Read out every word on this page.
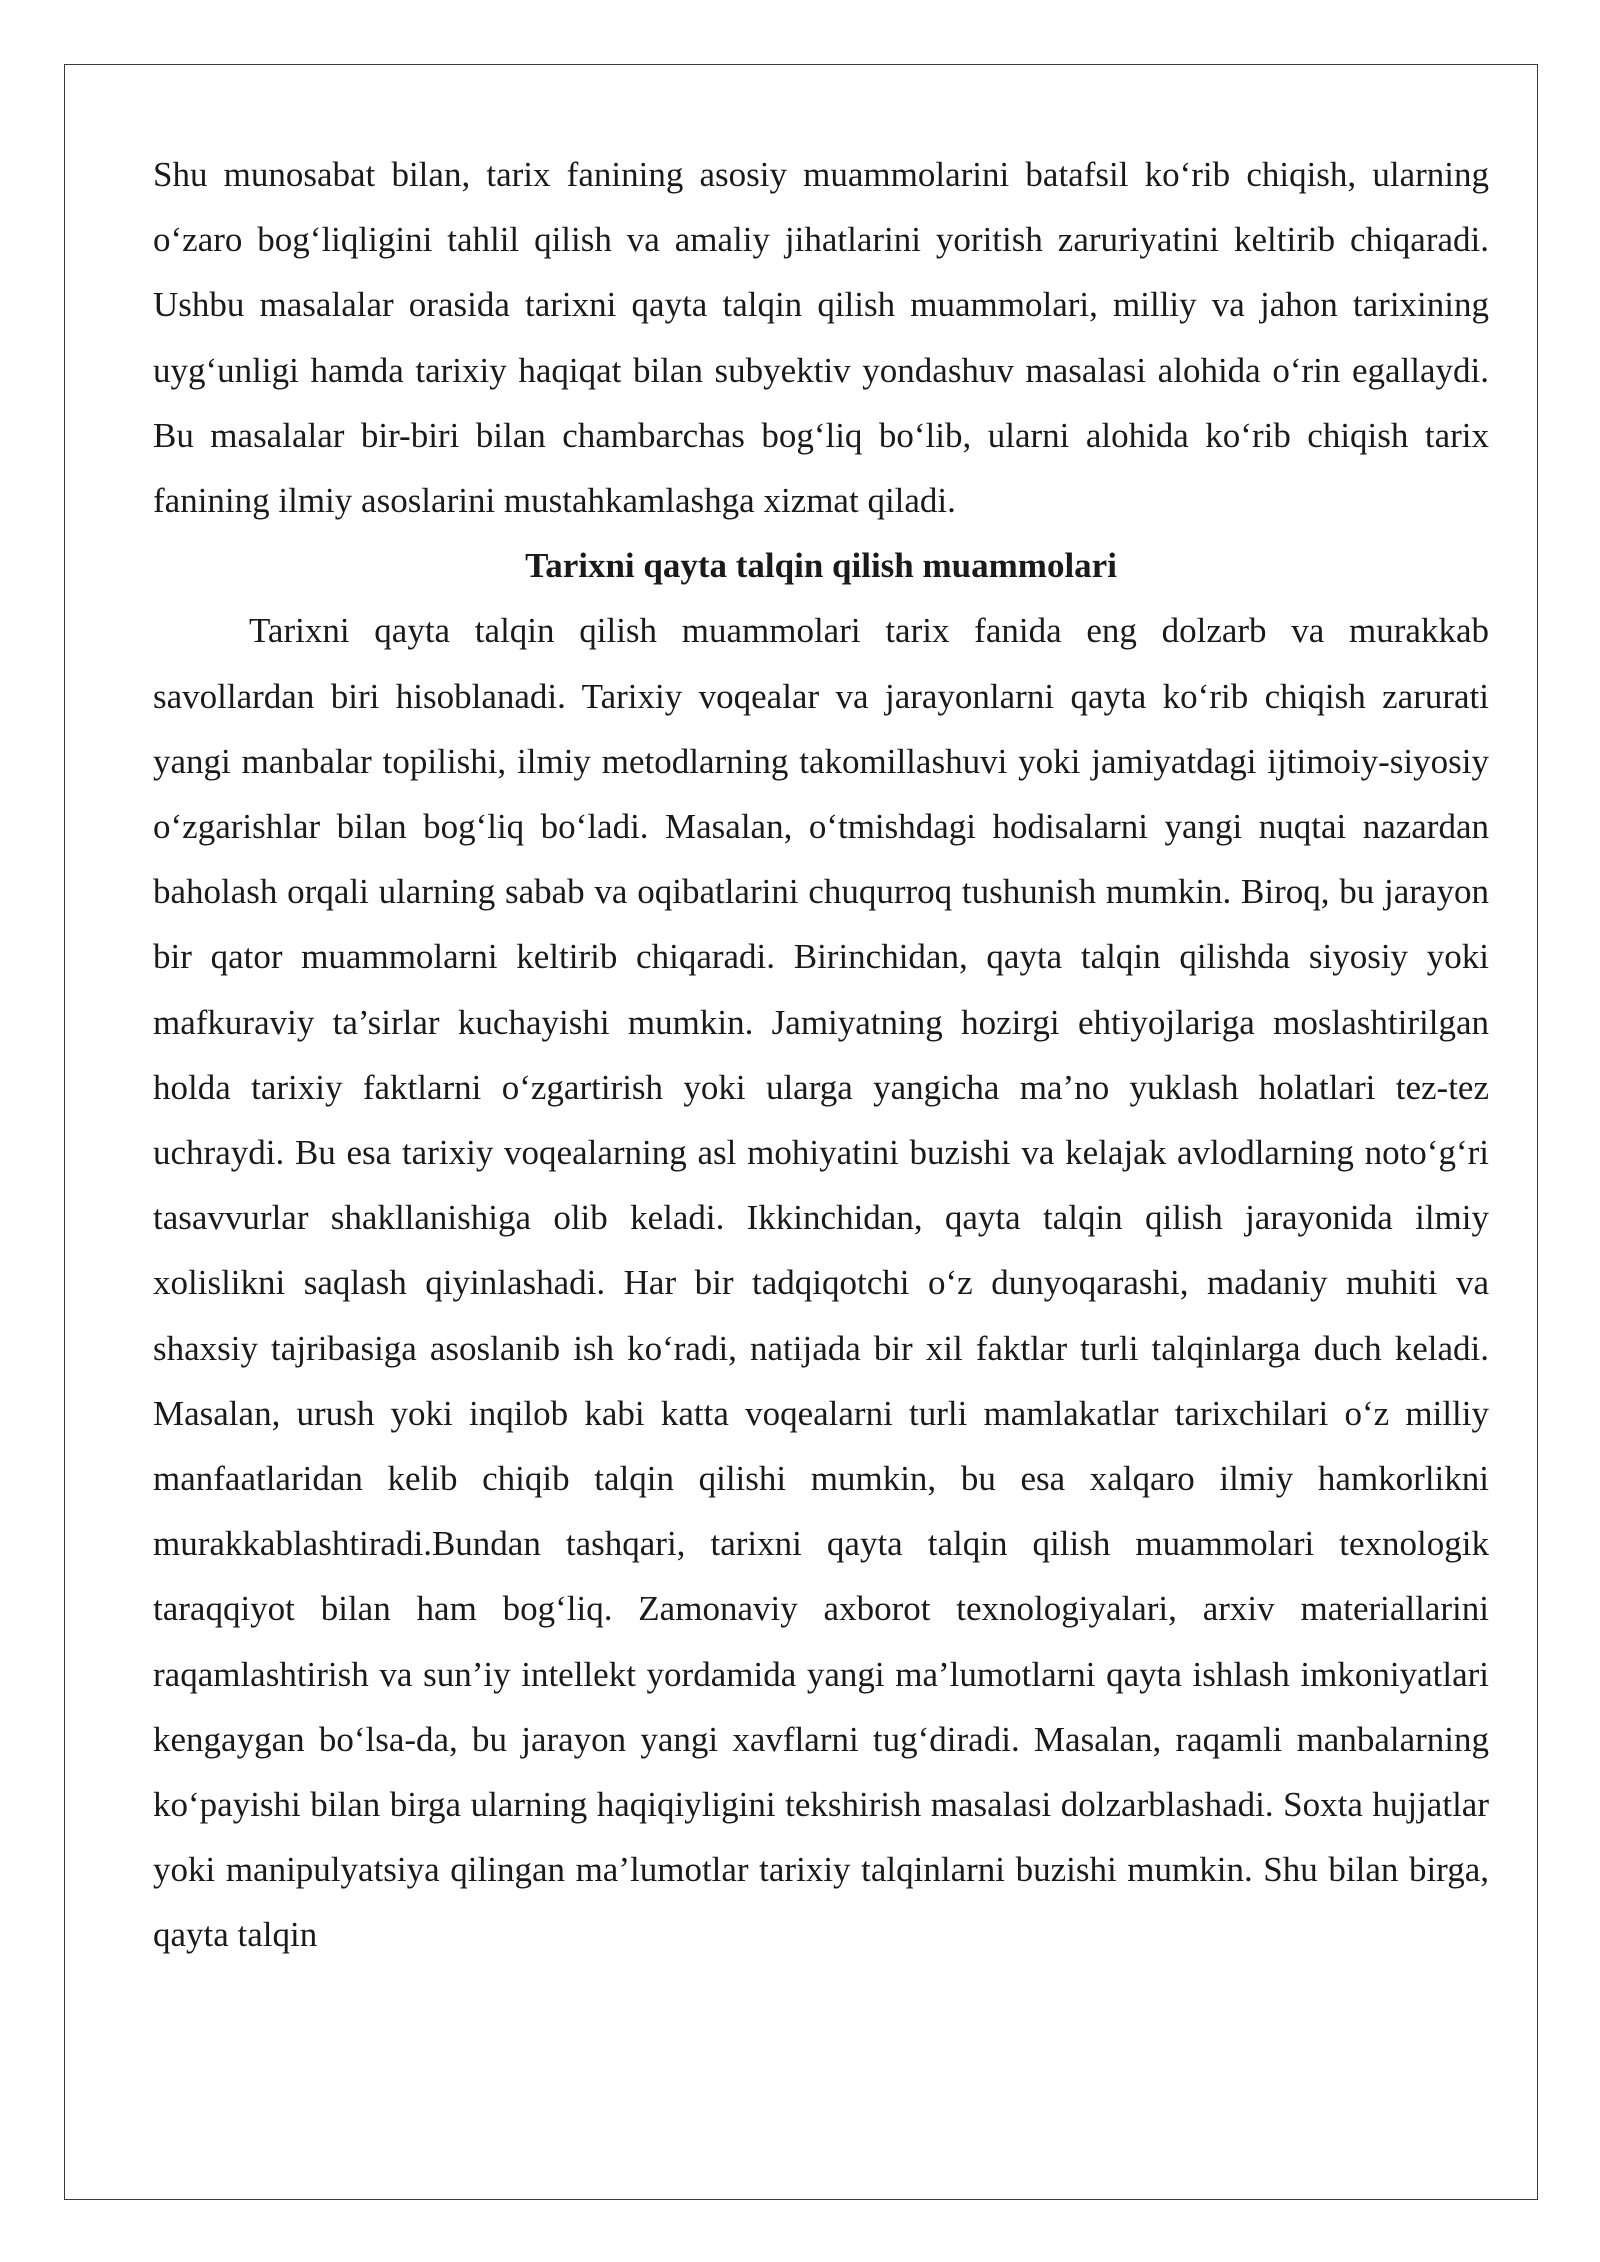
Shu munosabat bilan, tarix fanining asosiy muammolarini batafsil ko‘rib chiqish, ularning o‘zaro bog‘liqligini tahlil qilish va amaliy jihatlarini yoritish zaruriyatini keltirib chiqaradi. Ushbu masalalar orasida tarixni qayta talqin qilish muammolari, milliy va jahon tarixining uyg‘unligi hamda tarixiy haqiqat bilan subyektiv yondashuv masalasi alohida o‘rin egallaydi. Bu masalalar bir-biri bilan chambarchas bog‘liq bo‘lib, ularni alohida ko‘rib chiqish tarix fanining ilmiy asoslarini mustahkamlashga xizmat qiladi.

Tarixni qayta talqin qilish muammolari

Tarixni qayta talqin qilish muammolari tarix fanida eng dolzarb va murakkab savollardan biri hisoblanadi. Tarixiy voqealar va jarayonlarni qayta ko‘rib chiqish zarurati yangi manbalar topilishi, ilmiy metodlarning takomillashuvi yoki jamiyatdagi ijtimoiy-siyosiy o‘zgarishlar bilan bog‘liq bo‘ladi. Masalan, o‘tmishdagi hodisalarni yangi nuqtai nazardan baholash orqali ularning sabab va oqibatlarini chuqurroq tushunish mumkin. Biroq, bu jarayon bir qator muammolarni keltirib chiqaradi. Birinchidan, qayta talqin qilishda siyosiy yoki mafkuraviy ta’sirlar kuchayishi mumkin. Jamiyatning hozirgi ehtiyojlariga moslashtirilgan holda tarixiy faktlarni o‘zgartirish yoki ularga yangicha ma’no yuklash holatlari tez-tez uchraydi. Bu esa tarixiy voqealarning asl mohiyatini buzishi va kelajak avlodlarning noto‘g‘ri tasavvurlar shakllanishiga olib keladi. Ikkinchidan, qayta talqin qilish jarayonida ilmiy xolislikni saqlash qiyinlashadi. Har bir tadqiqotchi o‘z dunyoqarashi, madaniy muhiti va shaxsiy tajribasiga asoslanib ish ko‘radi, natijada bir xil faktlar turli talqinlarga duch keladi. Masalan, urush yoki inqilob kabi katta voqealarni turli mamlakatlar tarixchilari o‘z milliy manfaatlaridan kelib chiqib talqin qilishi mumkin, bu esa xalqaro ilmiy hamkorlikni murakkablashtiradi.Bundan tashqari, tarixni qayta talqin qilish muammolari texnologik taraqqiyot bilan ham bog‘liq. Zamonaviy axborot texnologiyalari, arxiv materiallarini raqamlashtirish va sun’iy intellekt yordamida yangi ma’lumotlarni qayta ishlash imkoniyatlari kengaygan bo‘lsa-da, bu jarayon yangi xavflarni tug‘diradi. Masalan, raqamli manbalarning ko‘payishi bilan birga ularning haqiqiyligini tekshirish masalasi dolzarblashadi. Soxta hujjatlar yoki manipulyatsiya qilingan ma’lumotlar tarixiy talqinlarni buzishi mumkin. Shu bilan birga, qayta talqin
